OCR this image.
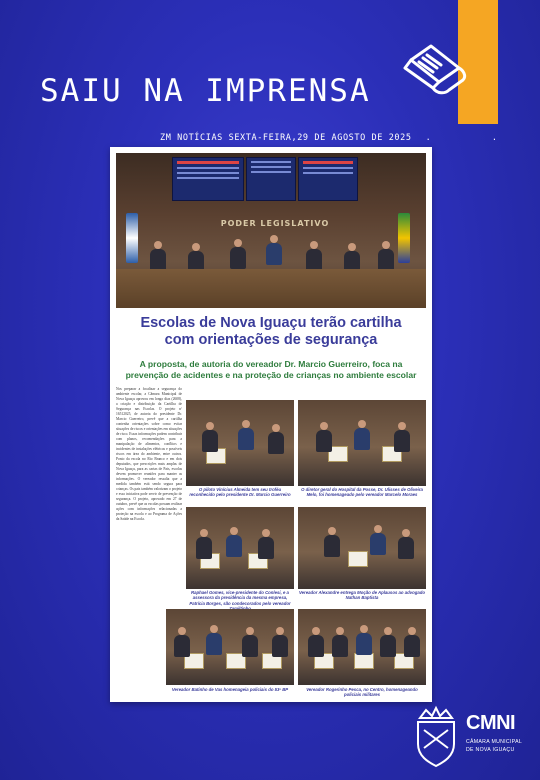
SAIU NA IMPRENSA
ZM NOTÍCIAS SEXTA-FEIRA,29 DE AGOSTO DE 2025 . .
PODER LEGISLATIVO
Escolas de Nova Iguaçu terão cartilha
com orientações de segurança
A proposta, de autoria do vereador Dr. Marcio Guerreiro, foca na
prevenção de acidentes e na proteção de crianças no ambiente escolar
Nos preparar a focalizar a segurança do ambiente escolar, a Câmara Municipal de Nova Iguaçu aprovou em longo dias (2608), a criação e distribuição da Cartilha de Segurança nas Escolas. O projeto nº 16512025, de autoria do presidente Dr. Marcio Guerreiro, prevê que a cartilha contenha orientações sobre como evitar situações de riscos e orientações em situações de risco. Essas informações podem contribuir com planos, recomendações para a manipulação de alimentos, conflitos e incidentes de instalações elétricas e possíveis riscos em área do ambiente, entre outros. Ponto da escola no Rio Branco e em dois deputados, que prescrições mais amplas de Nova Iguaçu, para as cartas de Pais, escolas devem promover reuniões para manter as informações. O vereador ressalta que a medida também está sendo segura para crianças. Os pais também valorizam o projeto e essa iniciativa pode servir de prevenção de segurança. O projeto, aprovado em 27 de outubro, prevê que as escolas possam realizar ações com informações relacionadas a proteção na escola e ao Programa de Ações da Saúde na Escola.
O piloto Vinícius Almeida tem seu troféu reconhecido pelo presidente Dr. Marcio Guerreiro
O diretor geral do Hospital da Posse, Dr. Ulisses de Oliveira Melo, foi homenageado pelo vereador Marcelo Moraes
Raphael Gomes, vice-presidente do Conlesi, e a assessora da presidência da mesma empresa, Patrícia Borges, são condecorados pelo vereador
Vereador Alexandre entrega Moção de Aplausos ao advogado Nathan Baptista
Vereador Batinho de Vas homenageia policiais do 53º BP	Vereador Rogerinho Pesca, no Centro, homenageando policiais militares
CMNI
CÂMARA MUNICIPAL
DE NOVA IGUAÇU
